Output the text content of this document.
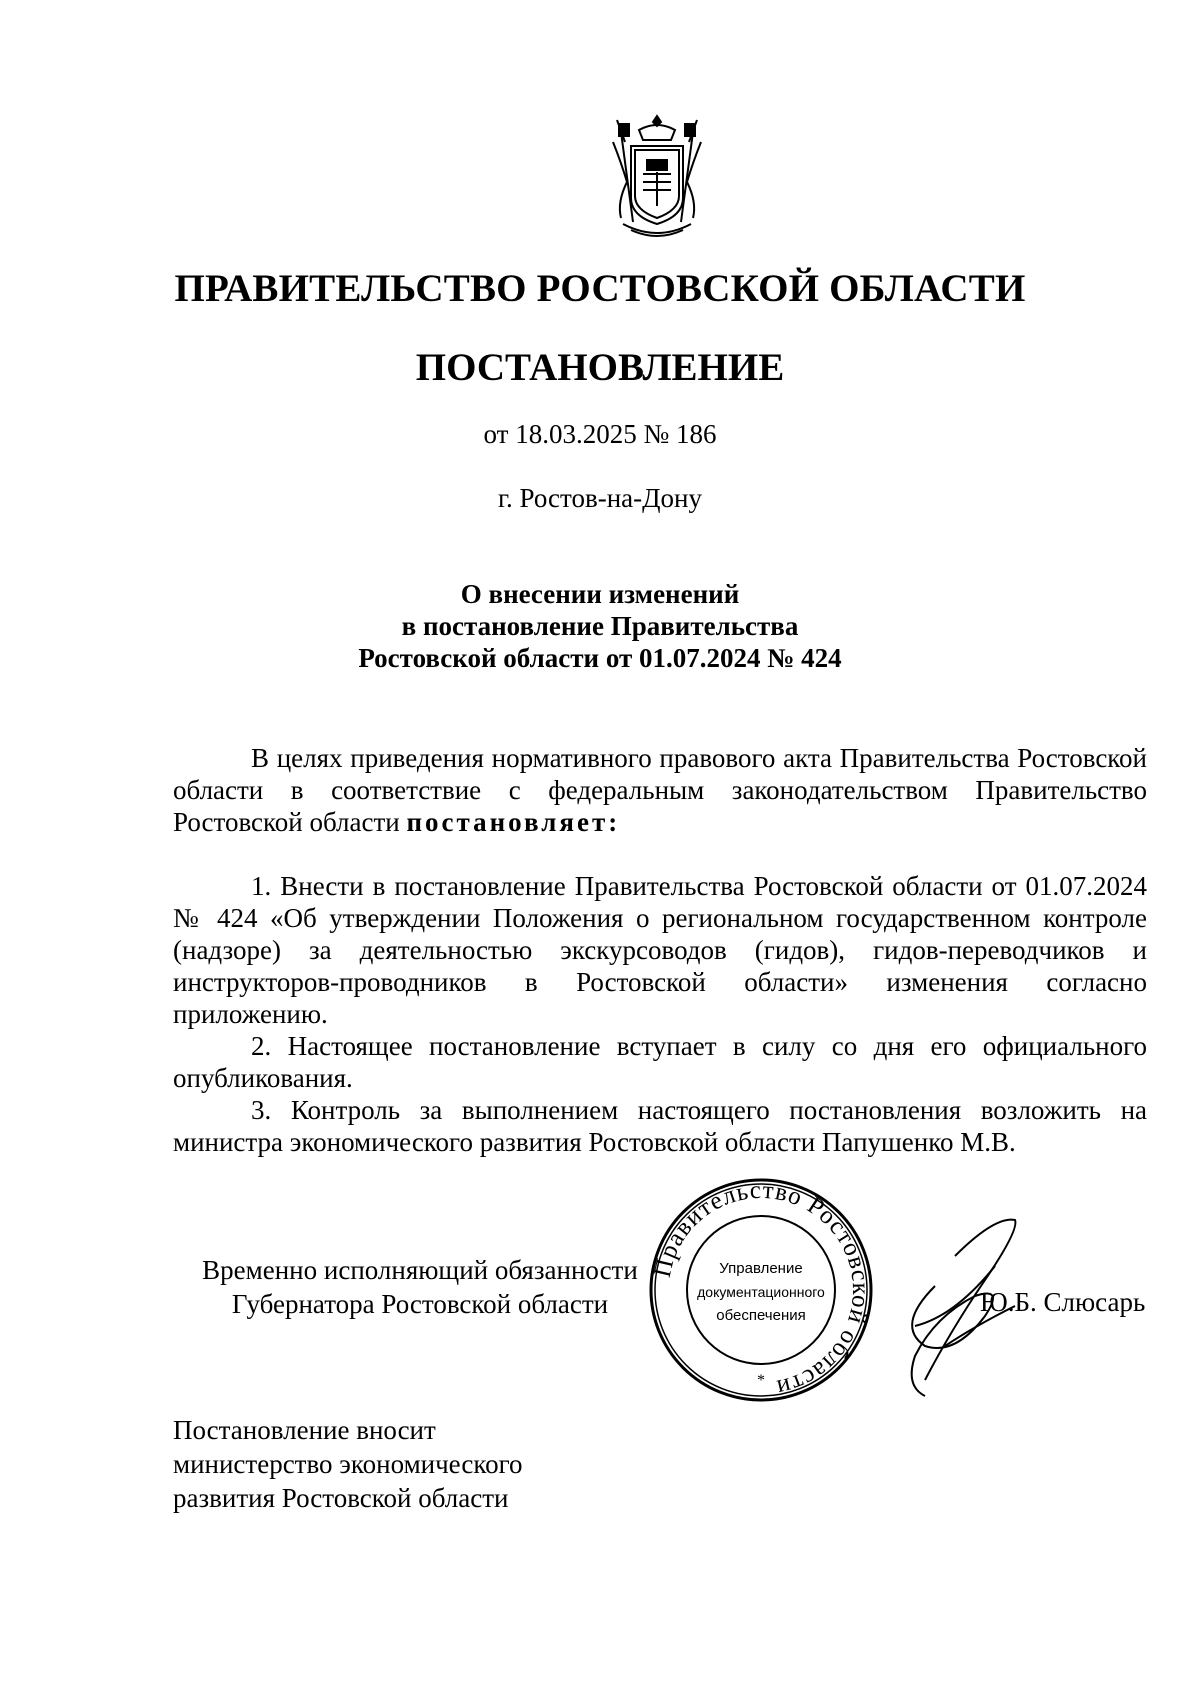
ПРАВИТЕЛЬСТВО РОСТОВСКОЙ ОБЛАСТИ
ПОСТАНОВЛЕНИЕ
от 18.03.2025 № 186
г. Ростов-на-Дону
О внесении изменений
в постановление Правительства
Ростовской области от 01.07.2024 № 424

В целях приведения нормативного правового акта Правительства Ростовской области в соответствие с федеральным законодательством Правительство Ростовской области постановляет:

1. Внести в постановление Правительства Ростовской области от 01.07.2024 № 424 «Об утверждении Положения о региональном государственном контроле (надзоре) за деятельностью экскурсоводов (гидов), гидов-переводчиков и инструкторов-проводников в Ростовской области» изменения согласно приложению.

2. Настоящее постановление вступает в силу со дня его официального опубликования.

3. Контроль за выполнением настоящего постановления возложить на министра экономического развития Ростовской области Папушенко М.В.

Временно исполняющий обязанности
Губернатора Ростовской области
Правительство Ростовской области
Управление
документационного
обеспечения
*
Ю.Б. Слюсарь
Постановление вносит
министерство экономического
развития Ростовской области
